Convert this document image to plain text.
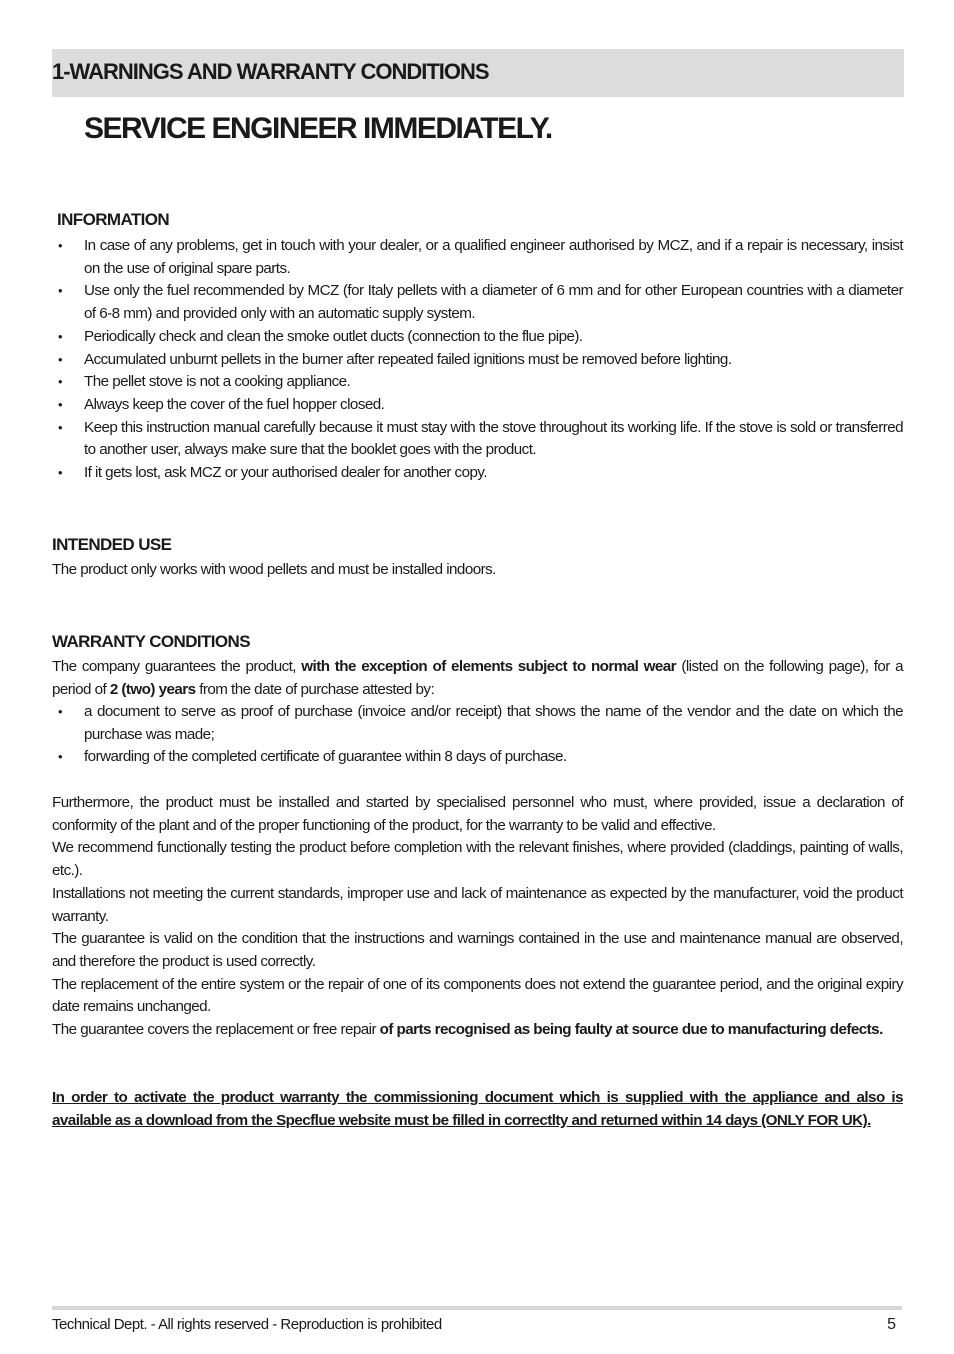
1-WARNINGS AND WARRANTY CONDITIONS
SERVICE ENGINEER IMMEDIATELY.
INFORMATION
• In case of any problems, get in touch with your dealer, or a qualified engineer authorised by MCZ, and if a repair is necessary, insist on the use of original spare parts.
• Use only the fuel recommended by MCZ (for Italy pellets with a diameter of 6 mm and for other European countries with a diameter of 6-8 mm) and provided only with an automatic supply system.
• Periodically check and clean the smoke outlet ducts (connection to the flue pipe).
• Accumulated unburnt pellets in the burner after repeated failed ignitions must be removed before lighting.
• The pellet stove is not a cooking appliance.
• Always keep the cover of the fuel hopper closed.
• Keep this instruction manual carefully because it must stay with the stove throughout its working life. If the stove is sold or transferred to another user, always make sure that the booklet goes with the product.
• If it gets lost, ask MCZ or your authorised dealer for another copy.
INTENDED USE
The product only works with wood pellets and must be installed indoors.
WARRANTY CONDITIONS
The company guarantees the product, with the exception of elements subject to normal wear (listed on the following page), for a period of 2 (two) years from the date of purchase attested by:
• a document to serve as proof of purchase (invoice and/or receipt) that shows the name of the vendor and the date on which the purchase was made;
• forwarding of the completed certificate of guarantee within 8 days of purchase.

Furthermore, the product must be installed and started by specialised personnel who must, where provided, issue a declaration of conformity of the plant and of the proper functioning of the product, for the warranty to be valid and effective.

We recommend functionally testing the product before completion with the relevant finishes, where provided (claddings, painting of walls, etc.).

Installations not meeting the current standards, improper use and lack of maintenance as expected by the manufacturer, void the product warranty.

The guarantee is valid on the condition that the instructions and warnings contained in the use and maintenance manual are observed, and therefore the product is used correctly.

The replacement of the entire system or the repair of one of its components does not extend the guarantee period, and the original expiry date remains unchanged.

The guarantee covers the replacement or free repair of parts recognised as being faulty at source due to manufacturing defects.

In order to activate the product warranty the commissioning document which is supplied with the appliance and also is available as a download from the Specflue website must be filled in correctlty and returned within 14 days (ONLY FOR UK).
Technical Dept. - All rights reserved - Reproduction is prohibited	5
